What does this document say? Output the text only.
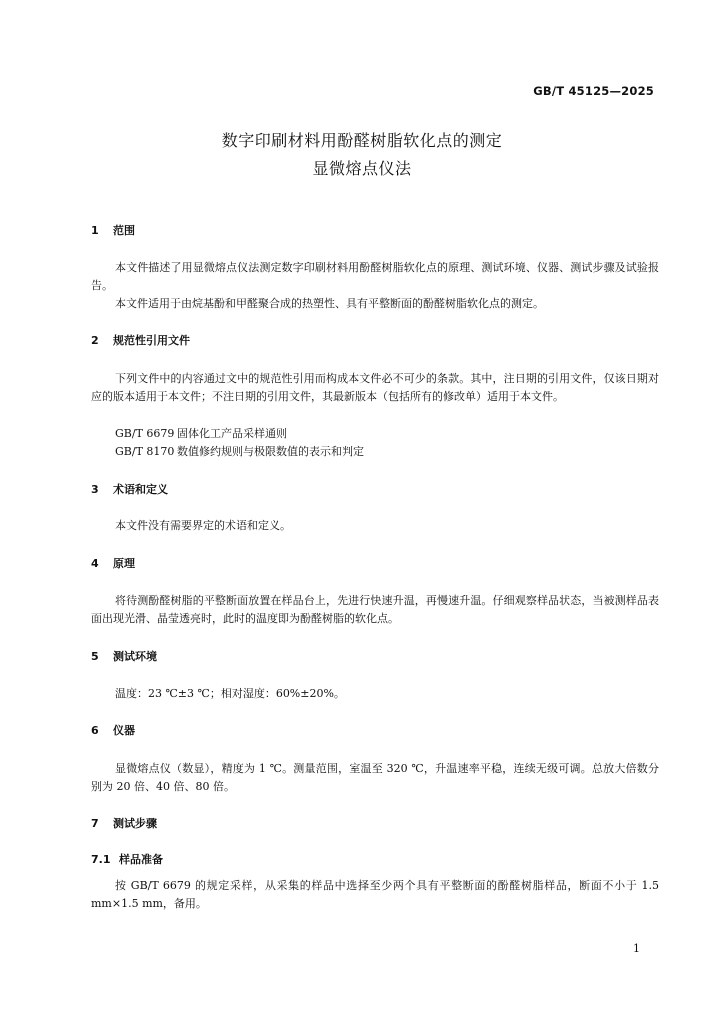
GB/T 45125—2025
数字印刷材料用酚醛树脂软化点的测定
显微熔点仪法
1 范围

本文件描述了用显微熔点仪法测定数字印刷材料用酚醛树脂软化点的原理、测试环境、仪器、测试步骤及试验报告。

本文件适用于由烷基酚和甲醛聚合成的热塑性、具有平整断面的酚醛树脂软化点的测定。

2 规范性引用文件

下列文件中的内容通过文中的规范性引用而构成本文件必不可少的条款。其中，注日期的引用文件，仅该日期对应的版本适用于本文件；不注日期的引用文件，其最新版本（包括所有的修改单）适用于本文件。

GB/T 6679 固体化工产品采样通则
GB/T 8170 数值修约规则与极限数值的表示和判定
3 术语和定义

本文件没有需要界定的术语和定义。

4 原理

将待测酚醛树脂的平整断面放置在样品台上，先进行快速升温，再慢速升温。仔细观察样品状态，当被测样品表面出现光滑、晶莹透亮时，此时的温度即为酚醛树脂的软化点。

5 测试环境

温度：23 ℃±3 ℃；相对湿度：60%±20%。

6 仪器

显微熔点仪（数显），精度为 1 ℃。测量范围，室温至 320 ℃，升温速率平稳，连续无级可调。总放大倍数分别为 20 倍、40 倍、80 倍。

7 测试步骤
7.1 样品准备

按 GB/T 6679 的规定采样，从采集的样品中选择至少两个具有平整断面的酚醛树脂样品，断面不小于 1.5 mm×1.5 mm，备用。

1
